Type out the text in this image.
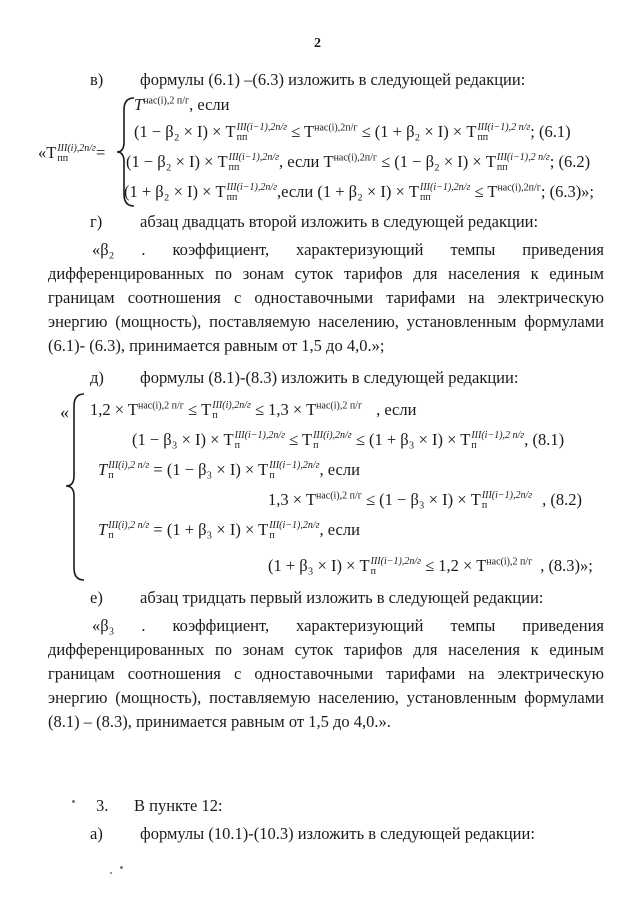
2
в) формулы (6.1) –(6.3) изложить в следующей редакции:
«T III(i),2п/г
пп	=
$T^{нас(i),2 п/г}$, если
(1 − β₂ × I) × T III(i−1),2п/г
пп	≤ $T^{нас(i),2п/г} \le (1 + \beta_2 \times I) \times T$ III(i−1),2 п/г
пп	; (6.1)
(1 − β₂ × I) × T III(i−1),2п/г
пп	, если $T^{нас(i),2п/г} \le (1 - \beta_2 \times I) \times T$ III(i−1),2 п/г
пп	; (6.2)
(1 + β₂ × I) × T III(i−1),2п/г
пп	,если (1 + β₂ × I) × T III(i−1),2п/г
пп	≤ $T^{нас(i),2п/г}$; (6.3)»;
г) абзац двадцать второй изложить в следующей редакции:
«β₂ . коэффициент, характеризующий темпы приведения дифференцированных по зонам суток тарифов для населения к единым границам соотношения с одноставочными тарифами на электрическую энергию (мощность), поставляемую населению, установленным формулами (6.1)- (6.3), принимается равным от 1,5 до 4,0.»;
д) формулы (8.1)-(8.3) изложить в следующей редакции:
« $1,2 \times T^{нас(i),2 п/г} \le T$ III(i),2п/г
п	≤ $1,3 \times T^{нас(i),2 п/г}$ , если
(1 − β₃ × I) × T III(i−1),2п/г
п	≤ T III(i),2п/г
п	≤ (1 + β₃ × I) × T III(i−1),2 п/г
п	, (8.1)
T III(i),2 п/г
п	= (1 − β₃ × I) × T III(i−1),2п/г
п	, если
$1,3 \times T^{нас(i),2 п/г} \le (1 - \beta_3 \times I) \times T$ III(i−1),2п/г
п	, (8.2)
T III(i),2 п/г
п	= (1 + β₃ × I) × T III(i−1),2п/г
п	, если
(1 + β₃ × I) × T III(i−1),2п/г
п	≤ $1,2 \times T^{нас(i),2 п/г}$ , (8.3)»;
е) абзац тридцать первый изложить в следующей редакции:
«β₃ . коэффициент, характеризующий темпы приведения дифференцированных по зонам суток тарифов для населения к единым границам соотношения с одноставочными тарифами на электрическую энергию (мощность), поставляемую населению, установленным формулами (8.1) – (8.3), принимается равным от 1,5 до 4,0.».
3. В пункте 12:
а) формулы (10.1)-(10.3) изложить в следующей редакции:
